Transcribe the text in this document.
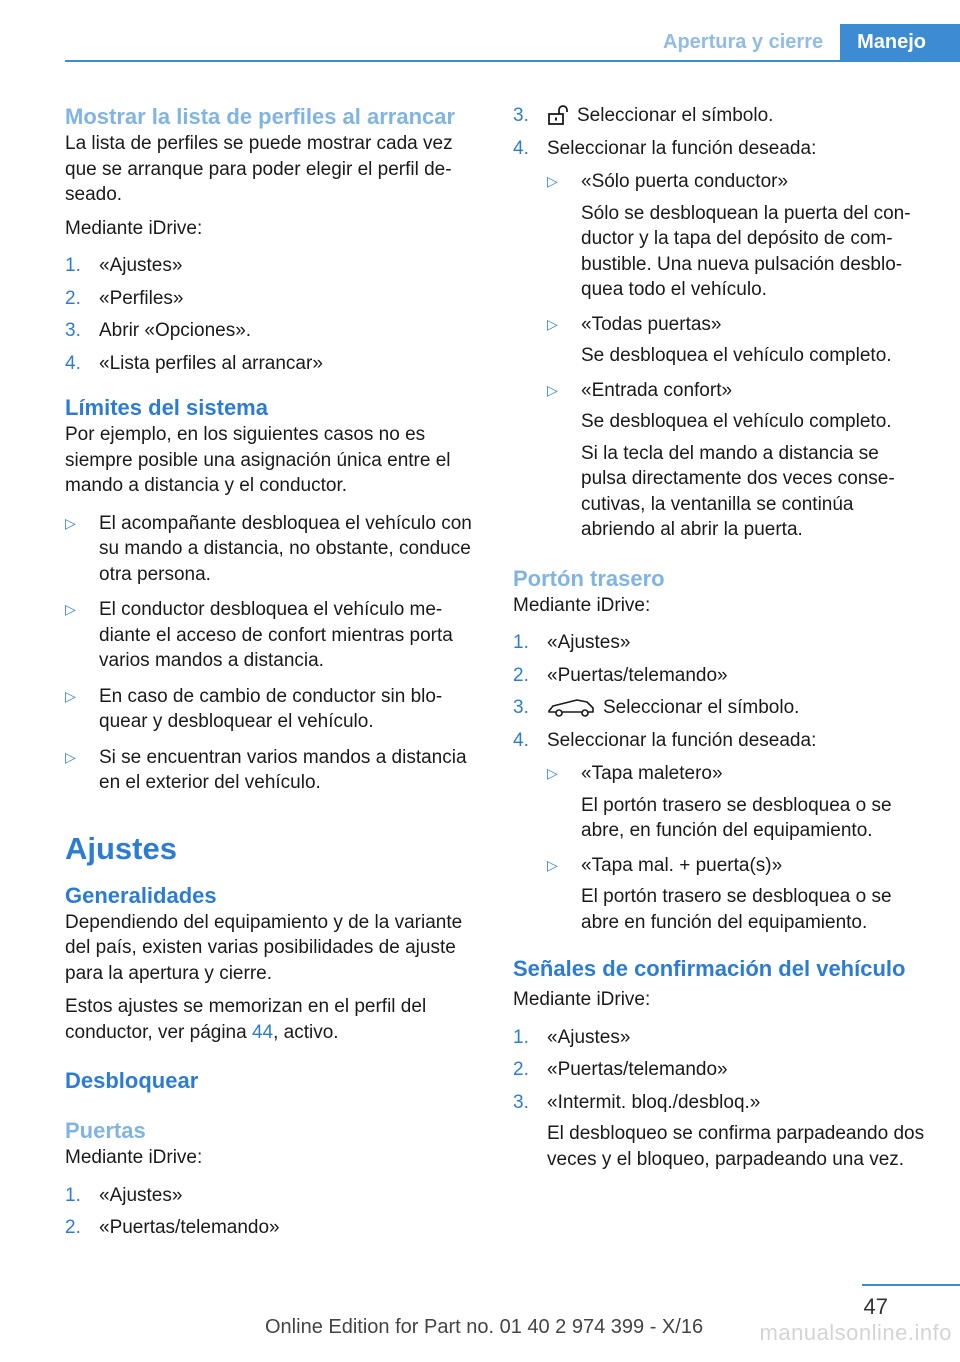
Apertura y cierre	Manejo
Mostrar la lista de perfiles al arrancar

La lista de perfiles se puede mostrar cada vez que se arranque para poder elegir el perfil de- seado.

Mediante iDrive:

1. «Ajustes»
2. «Perfiles»
3. Abrir «Opciones».
4. «Lista perfiles al arrancar»
Límites del sistema

Por ejemplo, en los siguientes casos no es siempre posible una asignación única entre el mando a distancia y el conductor.

▷	El acompañante desbloquea el vehículo con su mando a distancia, no obstante, conduce otra persona.
▷	El conductor desbloquea el vehículo me- diante el acceso de confort mientras porta varios mandos a distancia.
▷	En caso de cambio de conductor sin blo- quear y desbloquear el vehículo.
▷	Si se encuentran varios mandos a distancia en el exterior del vehículo.
Ajustes
Generalidades

Dependiendo del equipamiento y de la variante del país, existen varias posibilidades de ajuste para la apertura y cierre.

Estos ajustes se memorizan en el perfil del conductor, ver página 44, activo.

Desbloquear
Puertas

Mediante iDrive:

1. «Ajustes»
2. «Puertas/telemando»
3.	Seleccionar el símbolo.
4. Seleccionar la función deseada:
▷	«Sólo puerta conductor»
Sólo se desbloquean la puerta del con- ductor y la tapa del depósito de com- bustible. Una nueva pulsación desblo- quea todo el vehículo.
▷	«Todas puertas»
Se desbloquea el vehículo completo.
▷	«Entrada confort»
Se desbloquea el vehículo completo.
Si la tecla del mando a distancia se pulsa directamente dos veces conse- cutivas, la ventanilla se continúa abriendo al abrir la puerta.
Portón trasero

Mediante iDrive:

1. «Ajustes»
2. «Puertas/telemando»
3.	Seleccionar el símbolo.
4. Seleccionar la función deseada:
▷	«Tapa maletero»
El portón trasero se desbloquea o se abre, en función del equipamiento.
▷	«Tapa mal. + puerta(s)»
El portón trasero se desbloquea o se abre en función del equipamiento.
Señales de confirmación del vehículo

Mediante iDrive:

1. «Ajustes»
2. «Puertas/telemando»
3. «Intermit. bloq./desbloq.»
El desbloqueo se confirma parpadeando dos veces y el bloqueo, parpadeando una vez.
47
Online Edition for Part no. 01 40 2 974 399 - X/16	manualsonline.info
